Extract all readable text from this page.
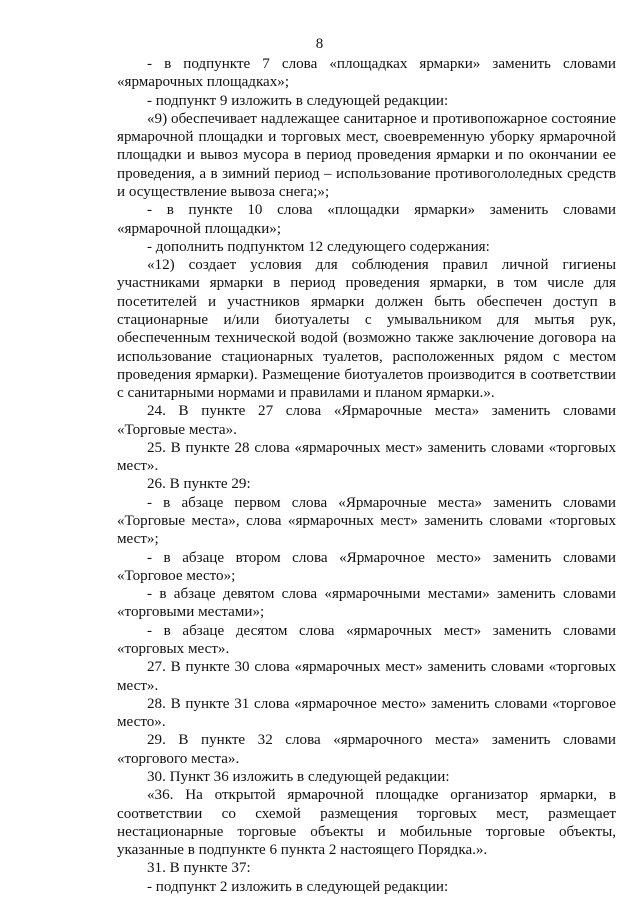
8

- в подпункте 7 слова «площадках ярмарки» заменить словами «ярмарочных площадках»;

- подпункт 9 изложить в следующей редакции:

«9) обеспечивает надлежащее санитарное и противопожарное состояние ярмарочной площадки и торговых мест, своевременную уборку ярмарочной площадки и вывоз мусора в период проведения ярмарки и по окончании ее проведения, а в зимний период – использование противогололедных средств и осуществление вывоза снега;»;

- в пункте 10 слова «площадки ярмарки» заменить словами «ярмарочной площадки»;

- дополнить подпунктом 12 следующего содержания:

«12) создает условия для соблюдения правил личной гигиены участниками ярмарки в период проведения ярмарки, в том числе для посетителей и участников ярмарки должен быть обеспечен доступ в стационарные и/или биотуалеты с умывальником для мытья рук, обеспеченным технической водой (возможно также заключение договора на использование стационарных туалетов, расположенных рядом с местом проведения ярмарки). Размещение биотуалетов производится в соответствии с санитарными нормами и правилами и планом ярмарки.».

24. В пункте 27 слова «Ярмарочные места» заменить словами «Торговые места».

25. В пункте 28 слова «ярмарочных мест» заменить словами «торговых мест».

26. В пункте 29:

- в абзаце первом слова «Ярмарочные места» заменить словами «Торговые места», слова «ярмарочных мест» заменить словами «торговых мест»;

- в абзаце втором слова «Ярмарочное место» заменить словами «Торговое место»;

- в абзаце девятом слова «ярмарочными местами» заменить словами «торговыми местами»;

- в абзаце десятом слова «ярмарочных мест» заменить словами «торговых мест».

27. В пункте 30 слова «ярмарочных мест» заменить словами «торговых мест».

28. В пункте 31 слова «ярмарочное место» заменить словами «торговое место».

29. В пункте 32 слова «ярмарочного места» заменить словами «торгового места».

30. Пункт 36 изложить в следующей редакции:

«36. На открытой ярмарочной площадке организатор ярмарки, в соответствии со схемой размещения торговых мест, размещает нестационарные торговые объекты и мобильные торговые объекты, указанные в подпункте 6 пункта 2 настоящего Порядка.».

31. В пункте 37:

- подпункт 2 изложить в следующей редакции:
